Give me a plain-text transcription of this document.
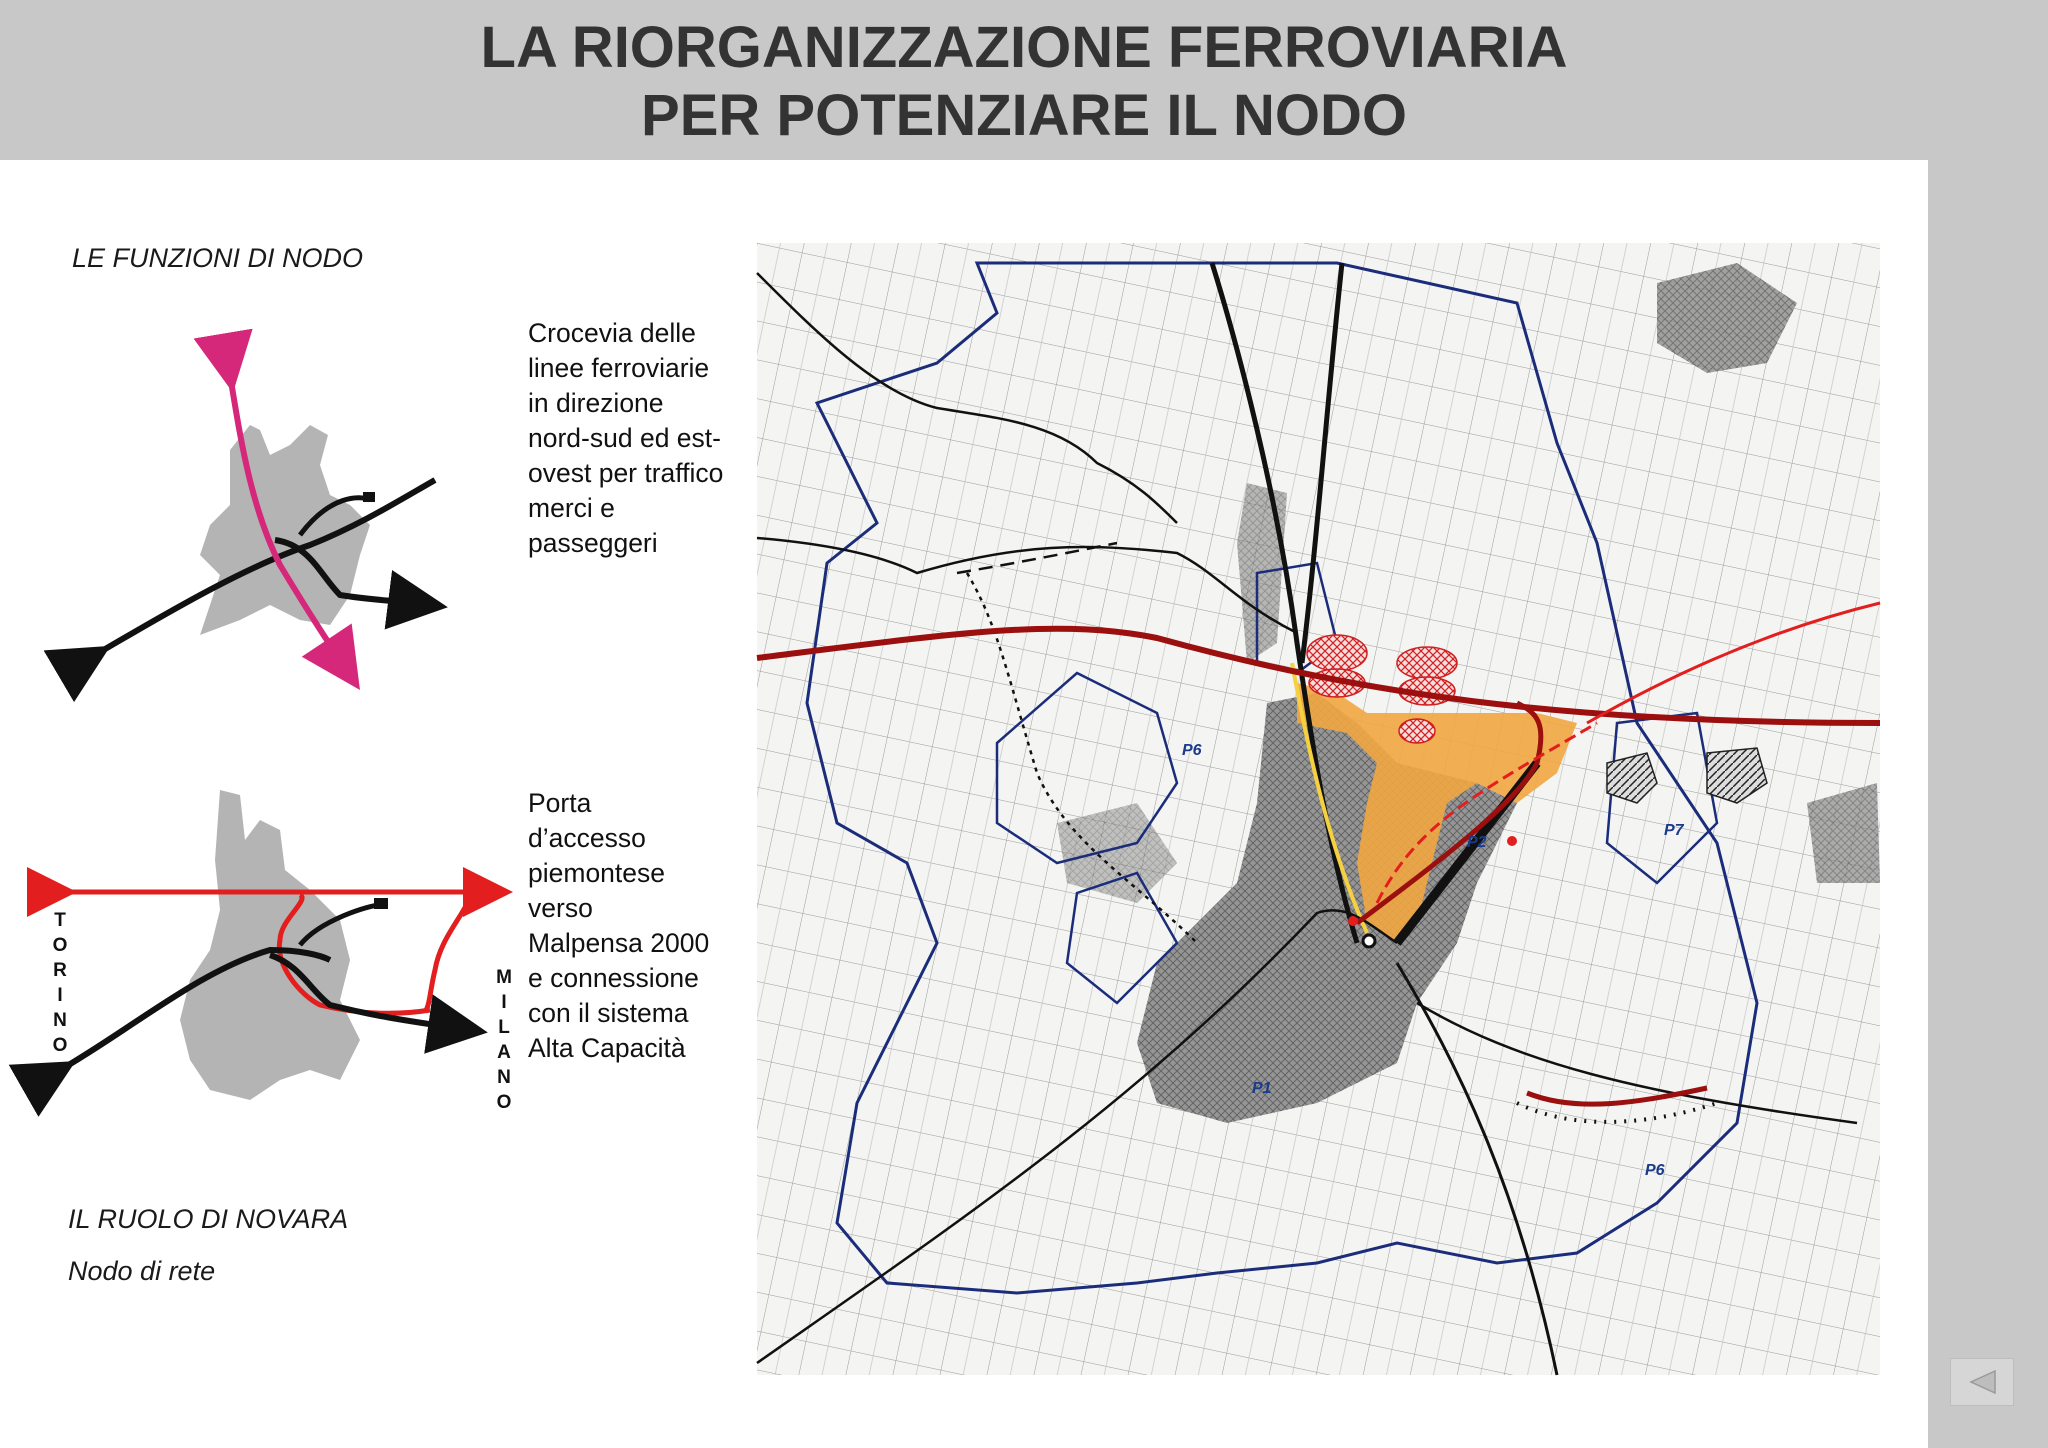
LA RIORGANIZZAZIONE FERROVIARIA
PER POTENZIARE IL NODO
LE FUNZIONI DI NODO
Crocevia delle
linee ferroviarie
in direzione
nord-sud ed est-
ovest per traffico
merci e
passeggeri
T
O
R
I
N
O
M
I
L
A
N
O
Porta
d’accesso
piemontese
verso
Malpensa 2000
e connessione
con il sistema
Alta Capacità
IL RUOLO DI NOVARA
Nodo di rete
P1
P2
P6
P6
P7
